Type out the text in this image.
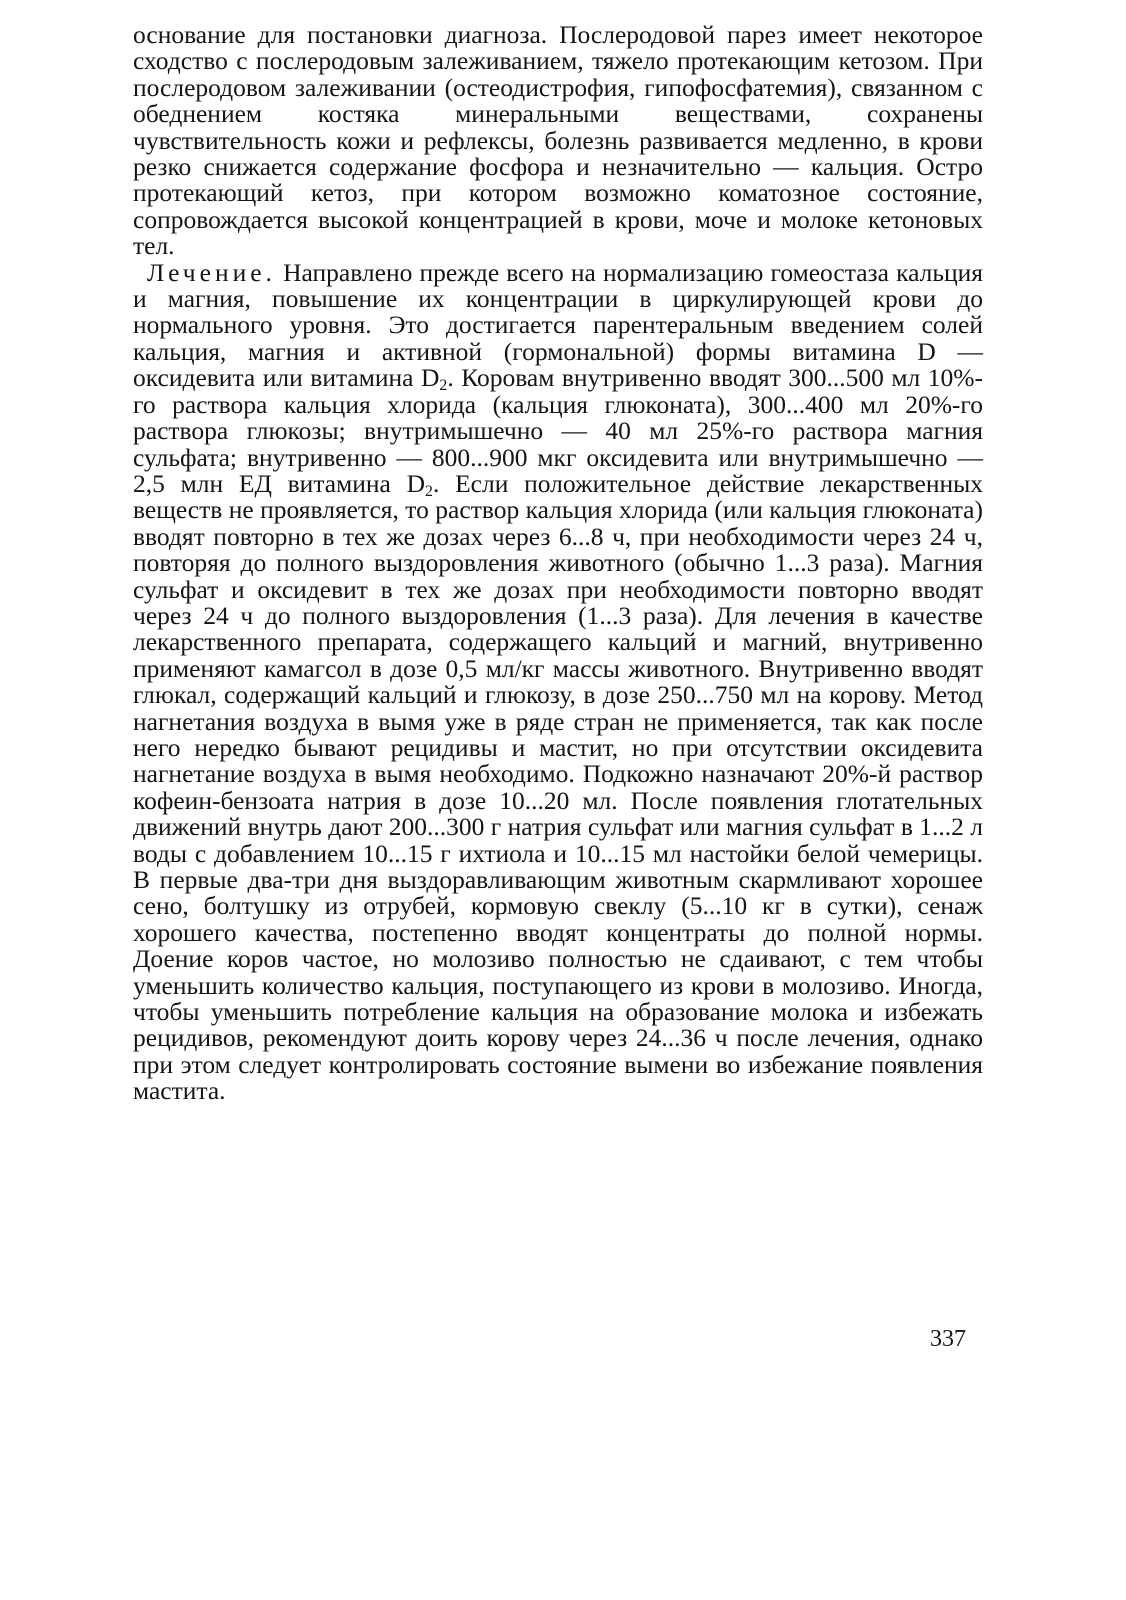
основание для постановки диагноза. Послеродовой парез имеет некоторое сходство с послеродовым залеживанием, тяжело протекающим кетозом. При послеродовом залеживании (остеодистрофия, гипофосфатемия), связанном с обеднением костяка минеральными веществами, сохранены чувствительность кожи и рефлексы, болезнь развивается медленно, в крови резко снижается содержание фосфора и незначительно — кальция. Остро протекающий кетоз, при котором возможно коматозное состояние, сопровождается высокой концентрацией в крови, моче и молоке кетоновых тел.

Лечение. Направлено прежде всего на нормализацию гомеостаза кальция и магния, повышение их концентрации в циркулирующей крови до нормального уровня. Это достигается парентеральным введением солей кальция, магния и активной (гормональной) формы витамина D — оксидевита или витамина $D_2$. Коровам внутривенно вводят 300...500 мл 10%-го раствора кальция хлорида (кальция глюконата), 300...400 мл 20%-го раствора глюкозы; внутримышечно — 40 мл 25%-го раствора магния сульфата; внутривенно — 800...900 мкг оксидевита или внутримышечно — 2,5 млн ЕД витамина $D_2$. Если положительное действие лекарственных веществ не проявляется, то раствор кальция хлорида (или кальция глюконата) вводят повторно в тех же дозах через 6...8 ч, при необходимости через 24 ч, повторяя до полного выздоровления животного (обычно 1...3 раза). Магния сульфат и оксидевит в тех же дозах при необходимости повторно вводят через 24 ч до полного выздоровления (1...3 раза). Для лечения в качестве лекарственного препарата, содержащего кальций и магний, внутривенно применяют камагсол в дозе 0,5 мл/кг массы животного. Внутривенно вводят глюкал, содержащий кальций и глюкозу, в дозе 250...750 мл на корову. Метод нагнетания воздуха в вымя уже в ряде стран не применяется, так как после него нередко бывают рецидивы и мастит, но при отсутствии оксидевита нагнетание воздуха в вымя необходимо. Подкожно назначают 20%-й раствор кофеин-бензоата натрия в дозе 10...20 мл. После появления глотательных движений внутрь дают 200...300 г натрия сульфат или магния сульфат в 1...2 л воды с добавлением 10...15 г ихтиола и 10...15 мл настойки белой чемерицы. В первые два-три дня выздоравливающим животным скармливают хорошее сено, болтушку из отрубей, кормовую свеклу (5...10 кг в сутки), сенаж хорошего качества, постепенно вводят концентраты до полной нормы. Доение коров частое, но молозиво полностью не сдаивают, с тем чтобы уменьшить количество кальция, поступающего из крови в молозиво. Иногда, чтобы уменьшить потребление кальция на образование молока и избежать рецидивов, рекомендуют доить корову через 24...36 ч после лечения, однако при этом следует контролировать состояние вымени во избежание появления мастита.

337
